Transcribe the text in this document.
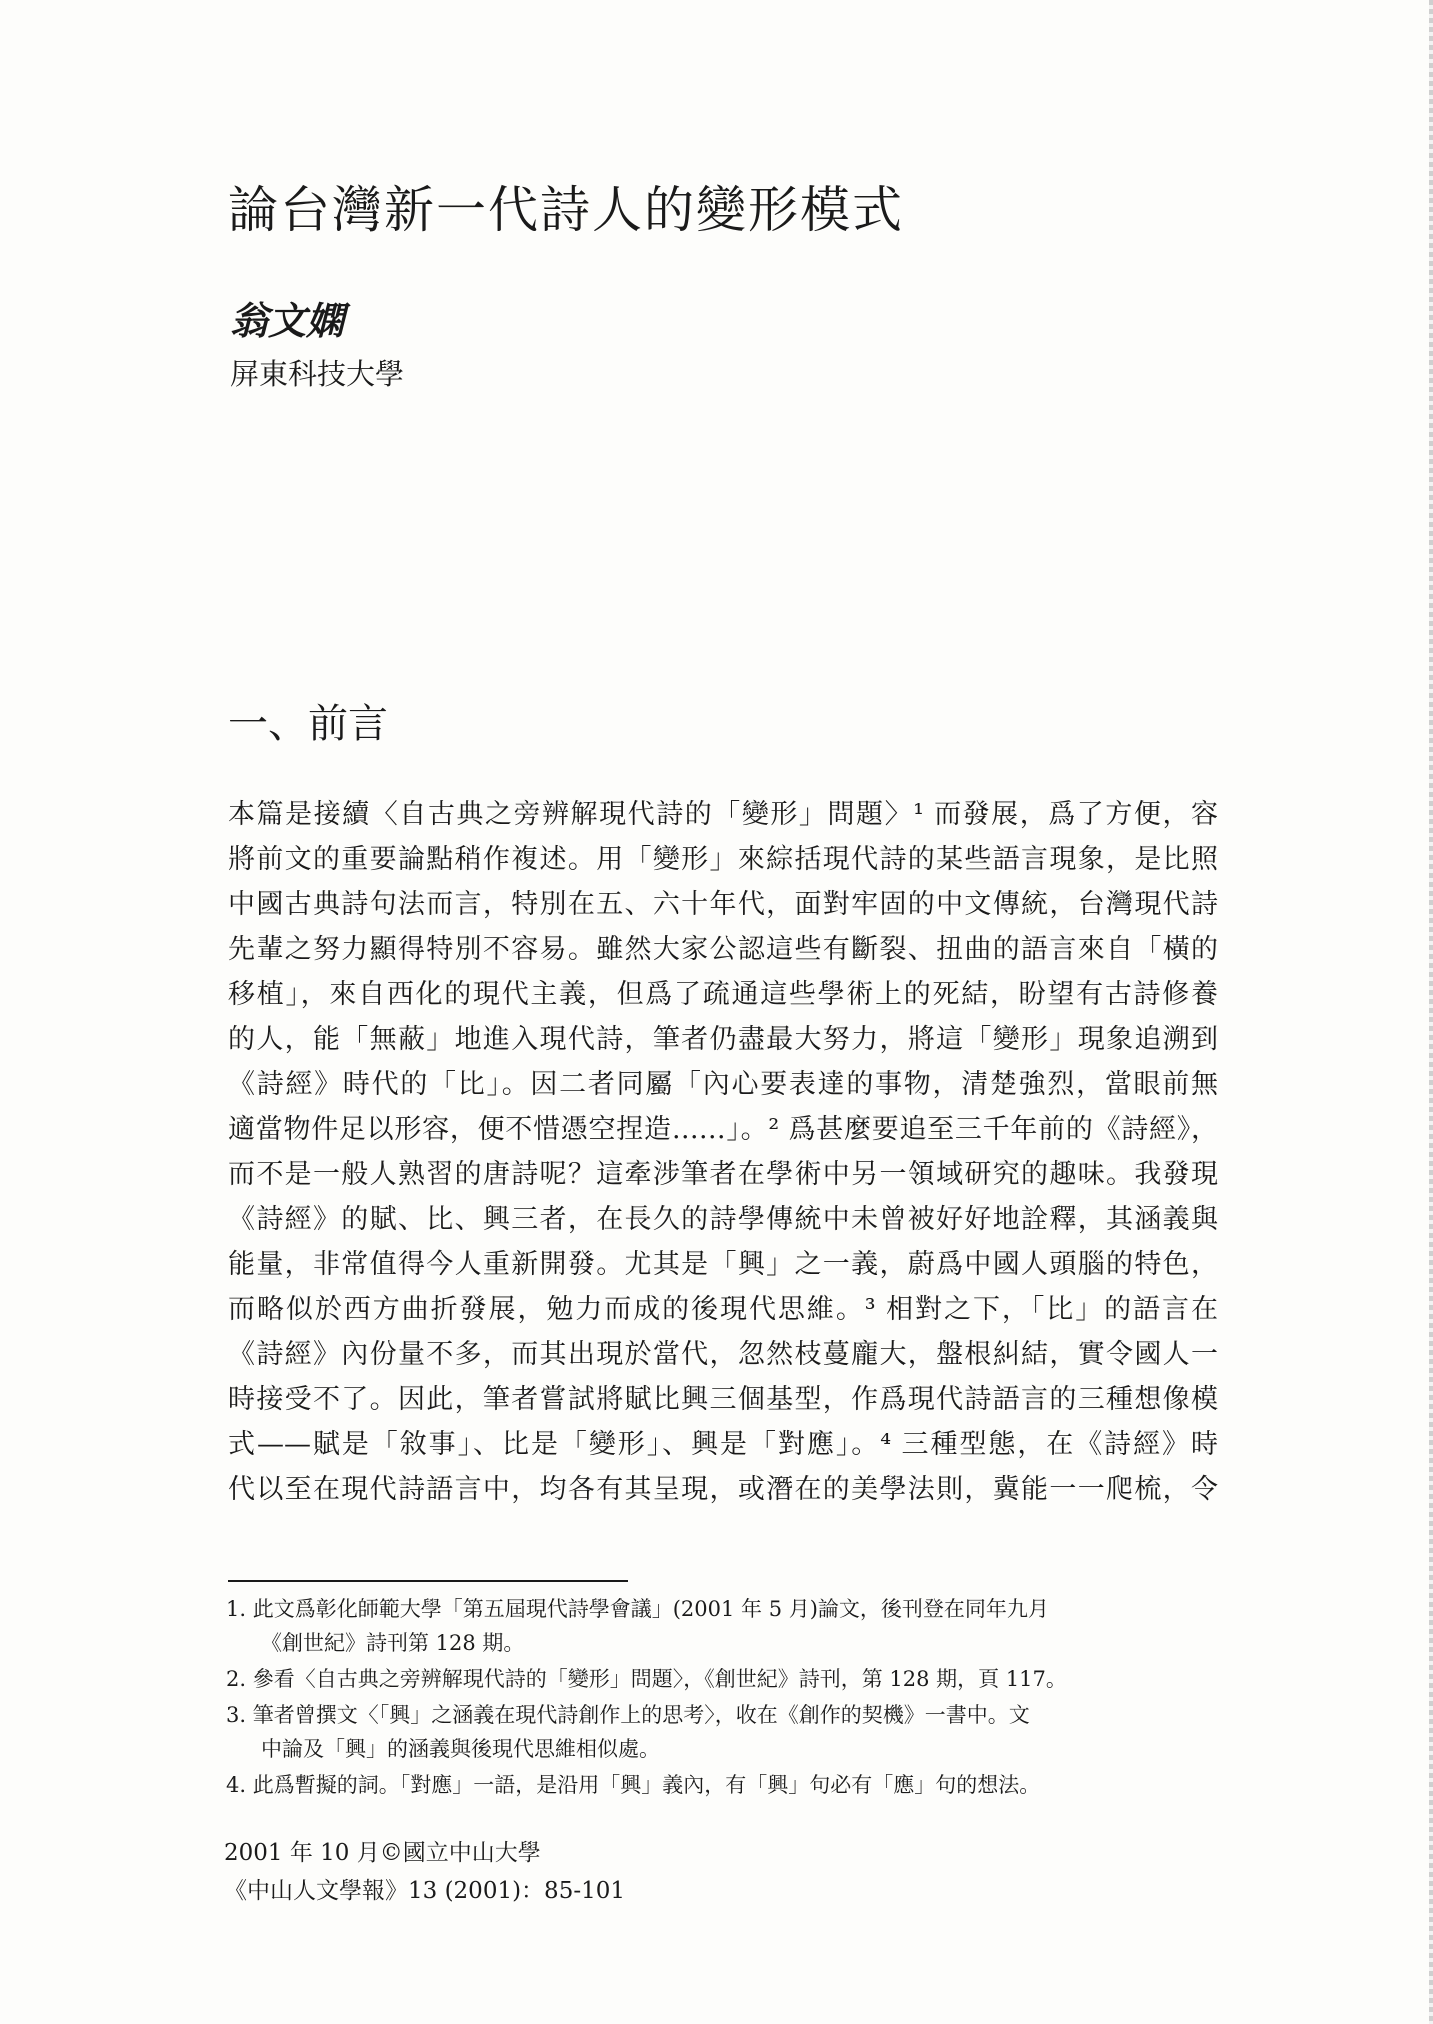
論台灣新一代詩人的變形模式
翁文嫻
屏東科技大學
一、前言
本篇是接續〈自古典之旁辨解現代詩的「變形」問題〉¹ 而發展，爲了方便，容
將前文的重要論點稍作複述。用「變形」來綜括現代詩的某些語言現象，是比照
中國古典詩句法而言，特別在五、六十年代，面對牢固的中文傳統，台灣現代詩
先輩之努力顯得特別不容易。雖然大家公認這些有斷裂、扭曲的語言來自「橫的
移植」，來自西化的現代主義，但爲了疏通這些學術上的死結，盼望有古詩修養
的人，能「無蔽」地進入現代詩，筆者仍盡最大努力，將這「變形」現象追溯到
《詩經》時代的「比」。因二者同屬「內心要表達的事物，清楚強烈，當眼前無
適當物件足以形容，便不惜憑空捏造……」。² 爲甚麼要追至三千年前的《詩經》，
而不是一般人熟習的唐詩呢？這牽涉筆者在學術中另一領域研究的趣味。我發現
《詩經》的賦、比、興三者，在長久的詩學傳統中未曾被好好地詮釋，其涵義與
能量，非常值得今人重新開發。尤其是「興」之一義，蔚爲中國人頭腦的特色，
而略似於西方曲折發展，勉力而成的後現代思維。³ 相對之下，「比」的語言在
《詩經》內份量不多，而其出現於當代，忽然枝蔓龐大，盤根糾結，實令國人一
時接受不了。因此，筆者嘗試將賦比興三個基型，作爲現代詩語言的三種想像模
式——賦是「敘事」、比是「變形」、興是「對應」。⁴ 三種型態，在《詩經》時
代以至在現代詩語言中，均各有其呈現，或潛在的美學法則，冀能一一爬梳，令
1. 此文爲彰化師範大學「第五屆現代詩學會議」(2001 年 5 月)論文，後刊登在同年九月
《創世紀》詩刊第 128 期。
2. 參看〈自古典之旁辨解現代詩的「變形」問題〉，《創世紀》詩刊，第 128 期，頁 117。
3. 筆者曾撰文〈「興」之涵義在現代詩創作上的思考〉，收在《創作的契機》一書中。文
中論及「興」的涵義與後現代思維相似處。
4. 此爲暫擬的詞。「對應」一語，是沿用「興」義內，有「興」句必有「應」句的想法。
2001 年 10 月©國立中山大學
《中山人文學報》13 (2001)：85-101
